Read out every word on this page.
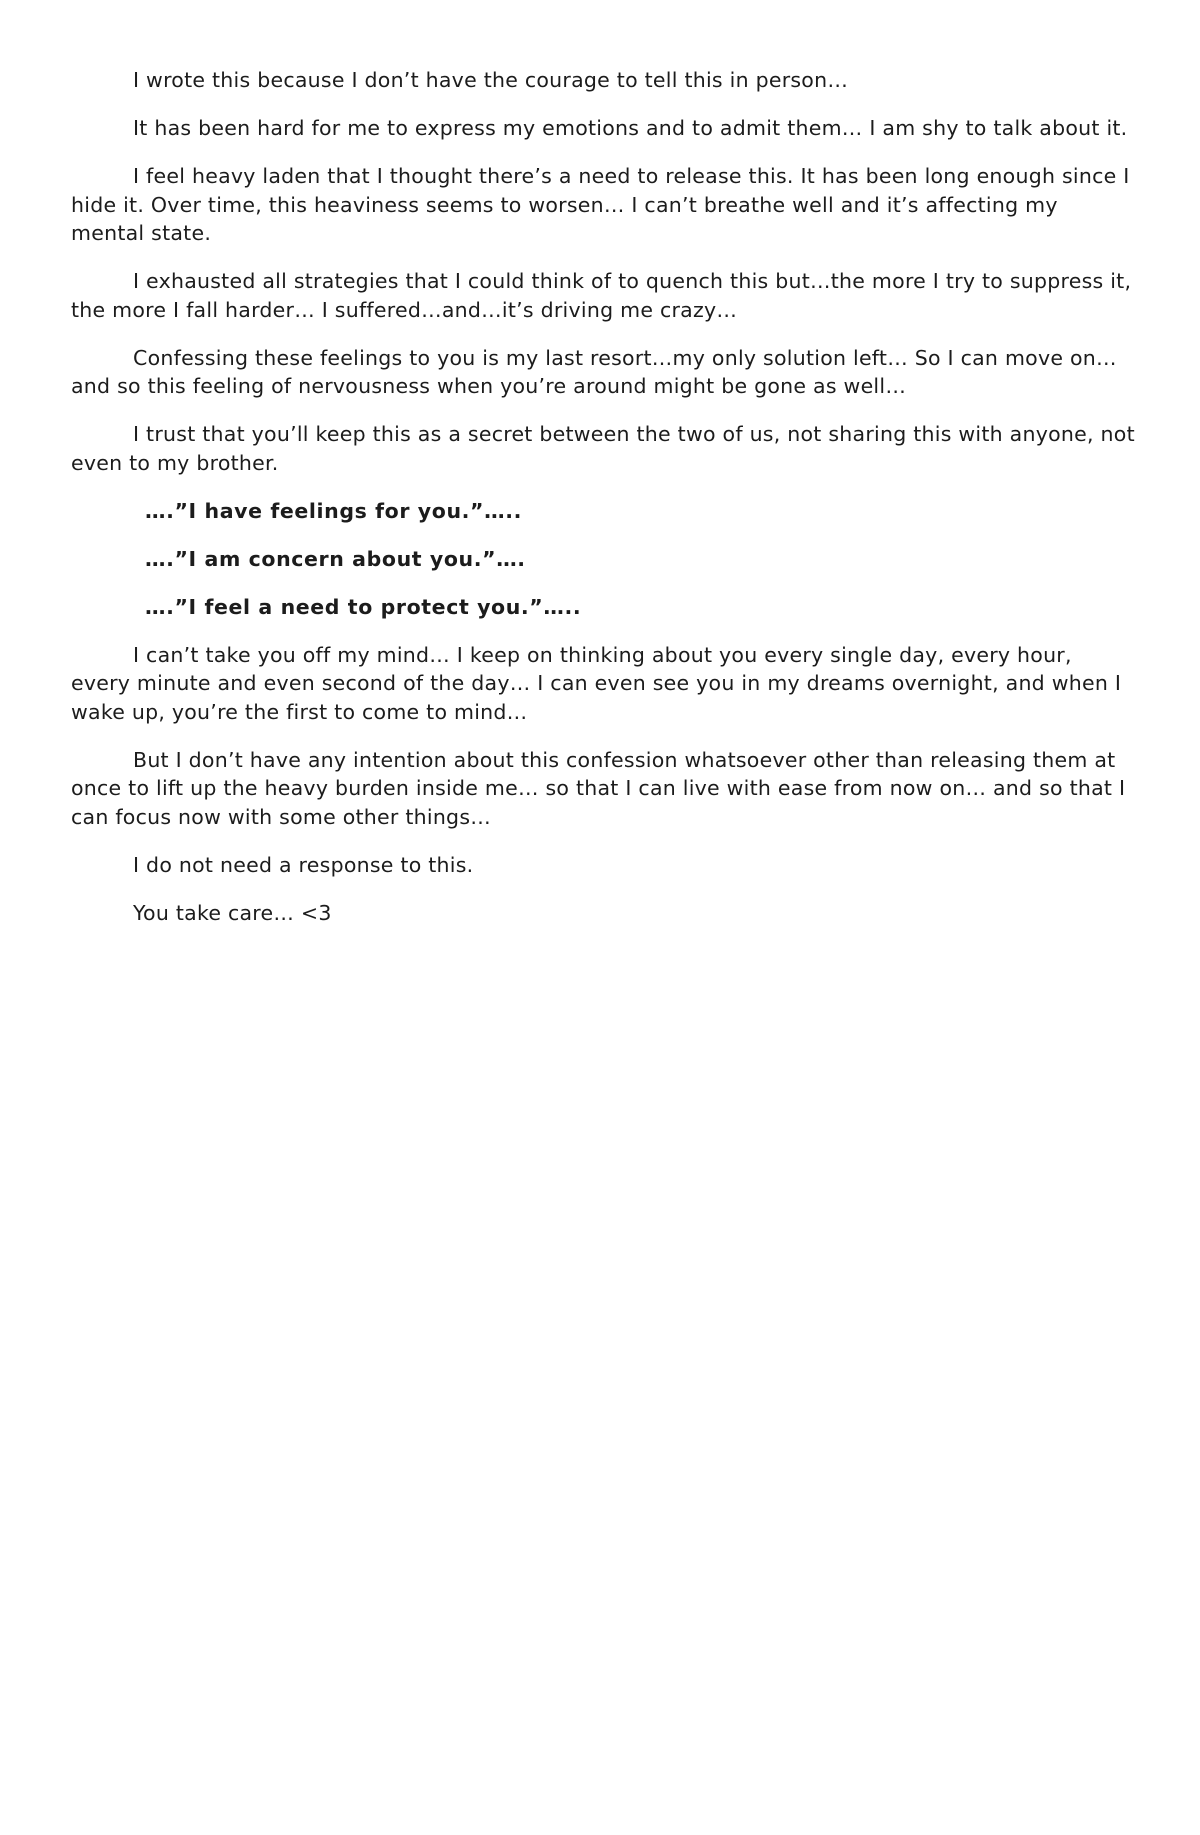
I wrote this because I don’t have the courage to tell this in person…

It has been hard for me to express my emotions and to admit them… I am shy to talk about it.

I feel heavy laden that I thought there’s a need to release this. It has been long enough since I hide it. Over time, this heaviness seems to worsen… I can’t breathe well and it’s affecting my mental state.

I exhausted all strategies that I could think of to quench this but…the more I try to suppress it, the more I fall harder… I suffered…and…it’s driving me crazy…

Confessing these feelings to you is my last resort…my only solution left… So I can move on… and so this feeling of nervousness when you’re around might be gone as well…

I trust that you’ll keep this as a secret between the two of us, not sharing this with anyone, not even to my brother.

….”I have feelings for you.”…..

….”I am concern about you.”….

….”I feel a need to protect you.”…..

I can’t take you off my mind… I keep on thinking about you every single day, every hour, every minute and even second of the day… I can even see you in my dreams overnight, and when I wake up, you’re the first to come to mind…

But I don’t have any intention about this confession whatsoever other than releasing them at once to lift up the heavy burden inside me… so that I can live with ease from now on… and so that I can focus now with some other things…

I do not need a response to this.

You take care… <3
